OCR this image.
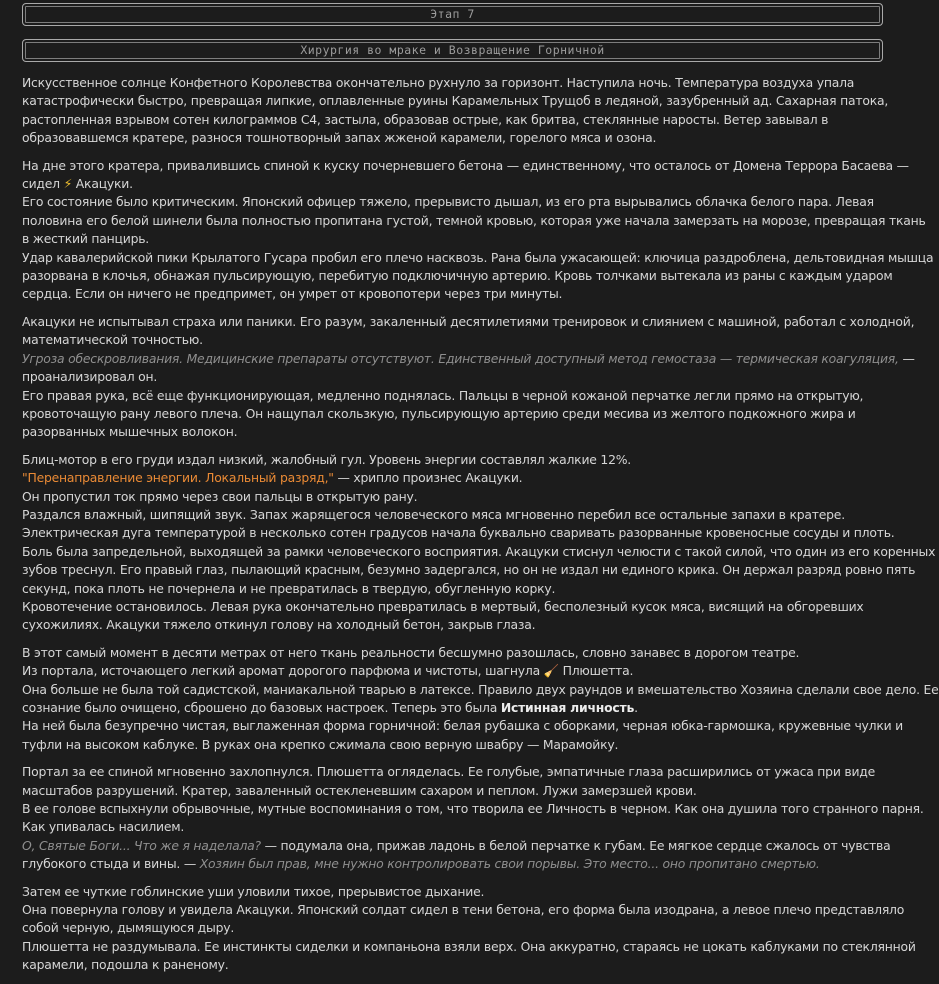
Этап 7
Хирургия во мраке и Возвращение Горничной

Искусственное солнце Конфетного Королевства окончательно рухнуло за горизонт. Наступила ночь. Температура воздуха упала
катастрофически быстро, превращая липкие, оплавленные руины Карамельных Трущоб в ледяной, зазубренный ад. Сахарная патока,
растопленная взрывом сотен килограммов С4, застыла, образовав острые, как бритва, стеклянные наросты. Ветер завывал в
образовавшемся кратере, разнося тошнотворный запах жженой карамели, горелого мяса и озона.

На дне этого кратера, привалившись спиной к куску почерневшего бетона — единственному, что осталось от Домена Террора Басаева —
сидел ⚡ Акацуки.
Его состояние было критическим. Японский офицер тяжело, прерывисто дышал, из его рта вырывались облачка белого пара. Левая
половина его белой шинели была полностью пропитана густой, темной кровью, которая уже начала замерзать на морозе, превращая ткань
в жесткий панцирь.
Удар кавалерийской пики Крылатого Гусара пробил его плечо насквозь. Рана была ужасающей: ключица раздроблена, дельтовидная мышца
разорвана в клочья, обнажая пульсирующую, перебитую подключичную артерию. Кровь толчками вытекала из раны с каждым ударом
сердца. Если он ничего не предпримет, он умрет от кровопотери через три минуты.

Акацуки не испытывал страха или паники. Его разум, закаленный десятилетиями тренировок и слиянием с машиной, работал с холодной,
математической точностью.
Угроза обескровливания. Медицинские препараты отсутствуют. Единственный доступный метод гемостаза — термическая коагуляция, —
проанализировал он.
Его правая рука, всё еще функционирующая, медленно поднялась. Пальцы в черной кожаной перчатке легли прямо на открытую,
кровоточащую рану левого плеча. Он нащупал скользкую, пульсирующую артерию среди месива из желтого подкожного жира и
разорванных мышечных волокон.

Блиц-мотор в его груди издал низкий, жалобный гул. Уровень энергии составлял жалкие 12%.
"Перенаправление энергии. Локальный разряд," — хрипло произнес Акацуки.
Он пропустил ток прямо через свои пальцы в открытую рану.
Раздался влажный, шипящий звук. Запах жарящегося человеческого мяса мгновенно перебил все остальные запахи в кратере.
Электрическая дуга температурой в несколько сотен градусов начала буквально сваривать разорванные кровеносные сосуды и плоть.
Боль была запредельной, выходящей за рамки человеческого восприятия. Акацуки стиснул челюсти с такой силой, что один из его коренных
зубов треснул. Его правый глаз, пылающий красным, безумно задергался, но он не издал ни единого крика. Он держал разряд ровно пять
секунд, пока плоть не почернела и не превратилась в твердую, обугленную корку.
Кровотечение остановилось. Левая рука окончательно превратилась в мертвый, бесполезный кусок мяса, висящий на обгоревших
сухожилиях. Акацуки тяжело откинул голову на холодный бетон, закрыв глаза.

В этот самый момент в десяти метрах от него ткань реальности бесшумно разошлась, словно занавес в дорогом театре.
Из портала, источающего легкий аромат дорогого парфюма и чистоты, шагнула 🧹 Плюшетта.
Она больше не была той садистской, маниакальной тварью в латексе. Правило двух раундов и вмешательство Хозяина сделали свое дело. Ее
сознание было очищено, сброшено до базовых настроек. Теперь это была Истинная личность.
На ней была безупречно чистая, выглаженная форма горничной: белая рубашка с оборками, черная юбка-гармошка, кружевные чулки и
туфли на высоком каблуке. В руках она крепко сжимала свою верную швабру — Марамойку.

Портал за ее спиной мгновенно захлопнулся. Плюшетта огляделась. Ее голубые, эмпатичные глаза расширились от ужаса при виде
масштабов разрушений. Кратер, заваленный остекленевшим сахаром и пеплом. Лужи замерзшей крови.
В ее голове вспыхнули обрывочные, мутные воспоминания о том, что творила ее Личность в черном. Как она душила того странного парня.
Как упивалась насилием.
О, Святые Боги... Что же я наделала? — подумала она, прижав ладонь в белой перчатке к губам. Ее мягкое сердце сжалось от чувства
глубокого стыда и вины. — Хозяин был прав, мне нужно контролировать свои порывы. Это место... оно пропитано смертью.

Затем ее чуткие гоблинские уши уловили тихое, прерывистое дыхание.
Она повернула голову и увидела Акацуки. Японский солдат сидел в тени бетона, его форма была изодрана, а левое плечо представляло
собой черную, дымящуюся дыру.
Плюшетта не раздумывала. Ее инстинкты сиделки и компаньона взяли верх. Она аккуратно, стараясь не цокать каблуками по стеклянной
карамели, подошла к раненому.
